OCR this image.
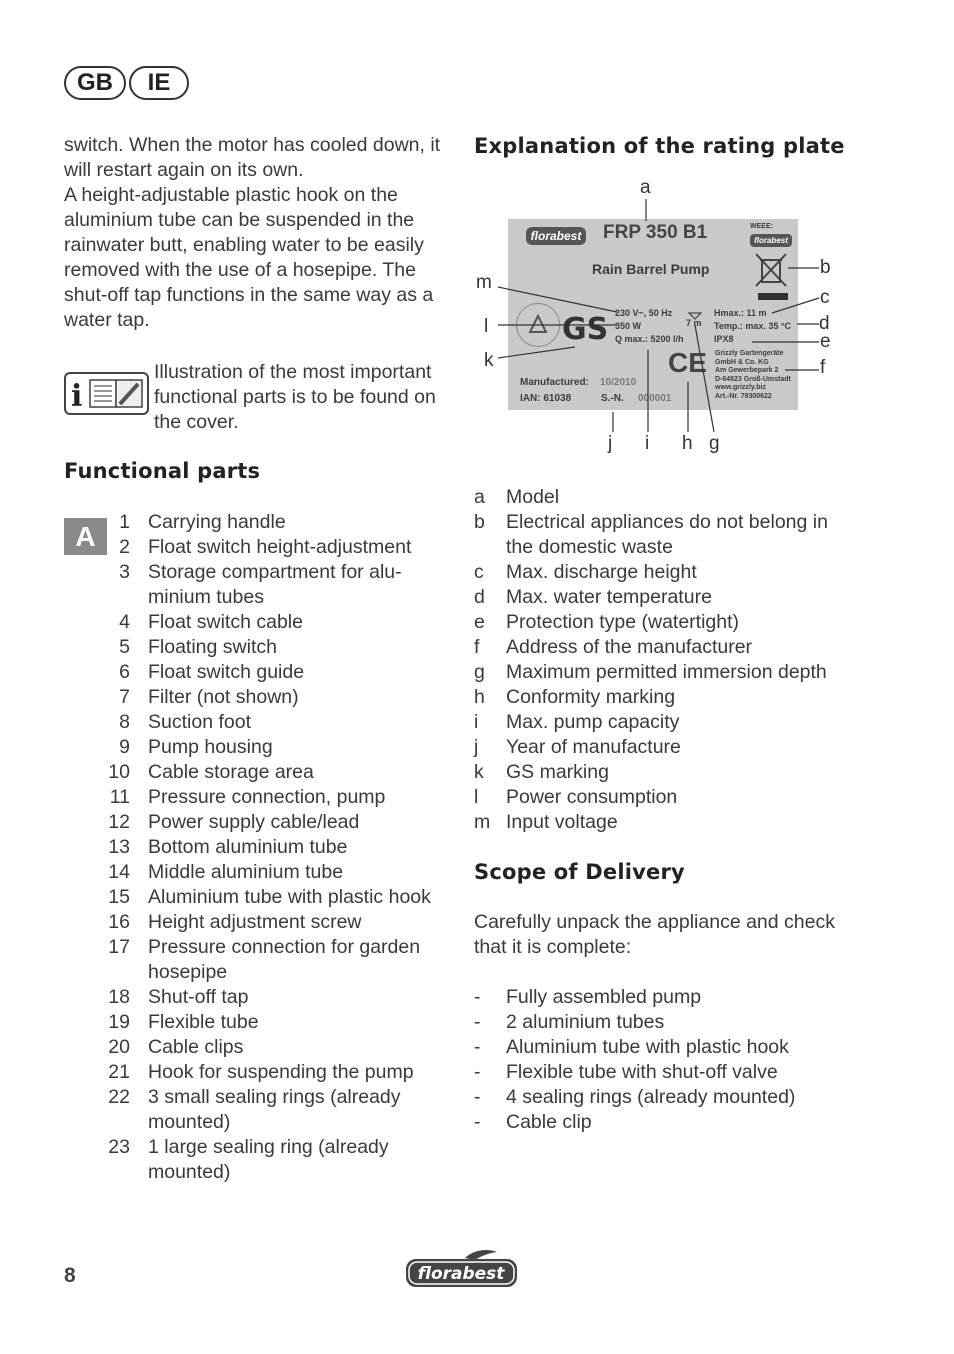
GB	IE
switch. When the motor has cooled down, it will restart again on its own.
A height-adjustable plastic hook on the aluminium tube can be suspended in the rainwater butt, enabling water to be easily removed with the use of a hosepipe. The shut-off tap functions in the same way as a water tap.
i
Illustration of the most important functional parts is to be found on the cover.
Functional parts
A	1 Carrying handle
2 Float switch height-adjustment
3 Storage compartment for alu-
minium tubes
4 Float switch cable
5 Floating switch
6 Float switch guide
7 Filter (not shown)
8 Suction foot
9 Pump housing
10 Cable storage area
11 Pressure connection, pump
12 Power supply cable/lead
13 Bottom aluminium tube
14 Middle aluminium tube
15 Aluminium tube with plastic hook
16 Height adjustment screw
17 Pressure connection for garden
hosepipe
18 Shut-off tap
19 Flexible tube
20 Cable clips
21 Hook for suspending the pump
22 3 small sealing rings (already
mounted)
23 1 large sealing ring (already
mounted)
Explanation of the rating plate
florabest FRP 350 B1	WEEE:
florabest
Rain Barrel Pump
GS 230 V~, 50 Hz
350 W
Q max.: 5200 l/h
7 m
Hmax.: 11 m
Temp.: max. 35 °C
IPX8
CE Grizzly Gartengeräte
GmbH & Co. KG
Am Gewerbepark 2
D-64823 Groß-Umstadt
www.grizzly.biz
Art.-Nr. 79300622
Manufactured: 10/2010
IAN: 61038	S.-N. 000001
a
b
c
d
e
f
m
l
k
j i h g
a	Model
b	Electrical appliances do not belong in
the domestic waste
c	Max. discharge height
d	Max. water temperature
e	Protection type (watertight)
f	Address of the manufacturer
g	Maximum permitted immersion depth
h	Conformity marking
i	Max. pump capacity
j	Year of manufacture
k	GS marking
l	Power consumption
m Input voltage
Scope of Delivery
Carefully unpack the appliance and check that it is complete:
-	Fully assembled pump
-	2 aluminium tubes
-	Aluminium tube with plastic hook
-	Flexible tube with shut-off valve
-	4 sealing rings (already mounted)
-	Cable clip
8	florabest
